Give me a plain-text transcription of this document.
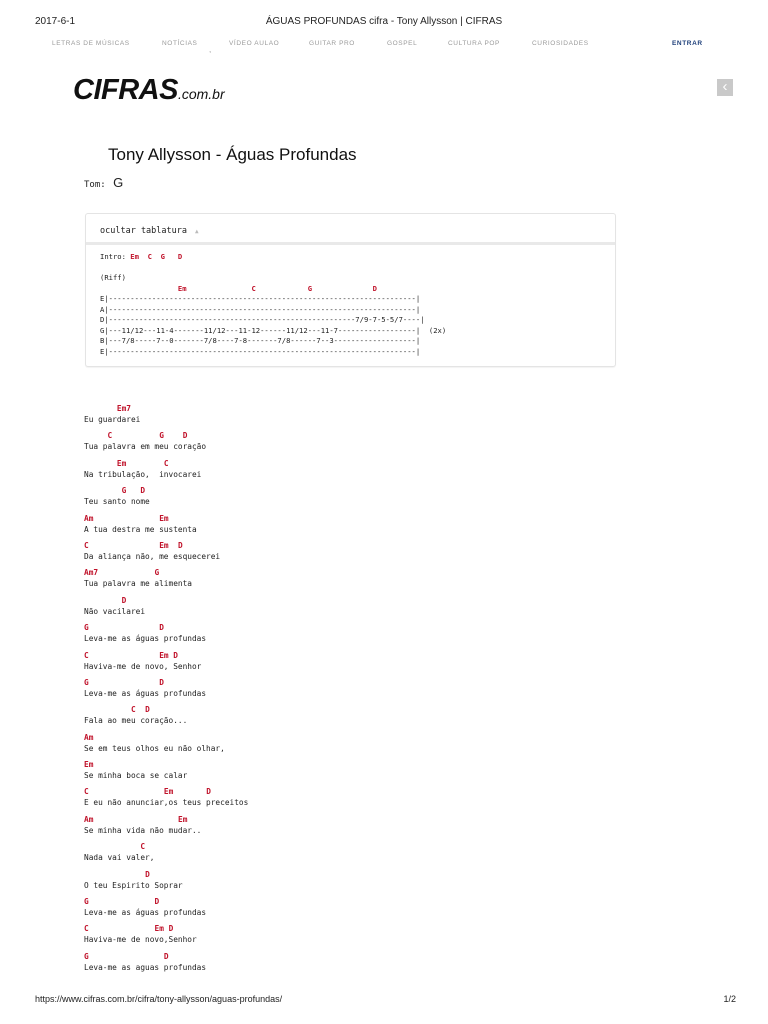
2017-6-1	ÁGUAS PROFUNDAS cifra - Tony Allysson | CIFRAS
LETRAS DE MÚSICAS	NOTÍCIAS
,
VÍDEO AULAO	GUITAR PRO	GOSPEL	CULTURA POP	CURIOSIDADES	ENTRAR
CIFRAS.com.br	‹
Tony Allysson - Águas Profundas
Tom: G
ocultar tablatura ▲
Intro: Em C G D

(Riff)
Em	C	G	D
E|-----------------------------------------------------------------------|
A|-----------------------------------------------------------------------|
D|---------------------------------------------------------7/9-7-5-5/7----|
G|---11/12---11-4-------11/12---11-12------11/12---11-7------------------|  (2x)
B|---7/8-----7--0-------7/8----7-8-------7/8------7--3-------------------|
E|-----------------------------------------------------------------------|
Em7
Eu guardarei
C	G D
Tua palavra em meu coração
Em	C
Na tribulação,  invocarei
G D
Teu santo nome
Am	Em
A tua destra me sustenta
C	Em D
Da aliança não, me esquecerei
Am7	G
Tua palavra me alimenta
D
Não vacilarei
G	D
Leva-me as águas profundas
C	Em D
Haviva-me de novo, Senhor
G	D
Leva-me as águas profundas
C D
Fala ao meu coração...
Am
Se em teus olhos eu não olhar,
Em
Se minha boca se calar
C	Em	D
E eu não anunciar,os teus preceitos
Am	Em
Se minha vida não mudar..
C
Nada vai valer,
D
O teu Espirito Soprar
G	D
Leva-me as águas profundas
C	Em D
Haviva-me de novo,Senhor
G	D
Leva-me as aguas profundas
https://www.cifras.com.br/cifra/tony-allysson/aguas-profundas/	1/2
